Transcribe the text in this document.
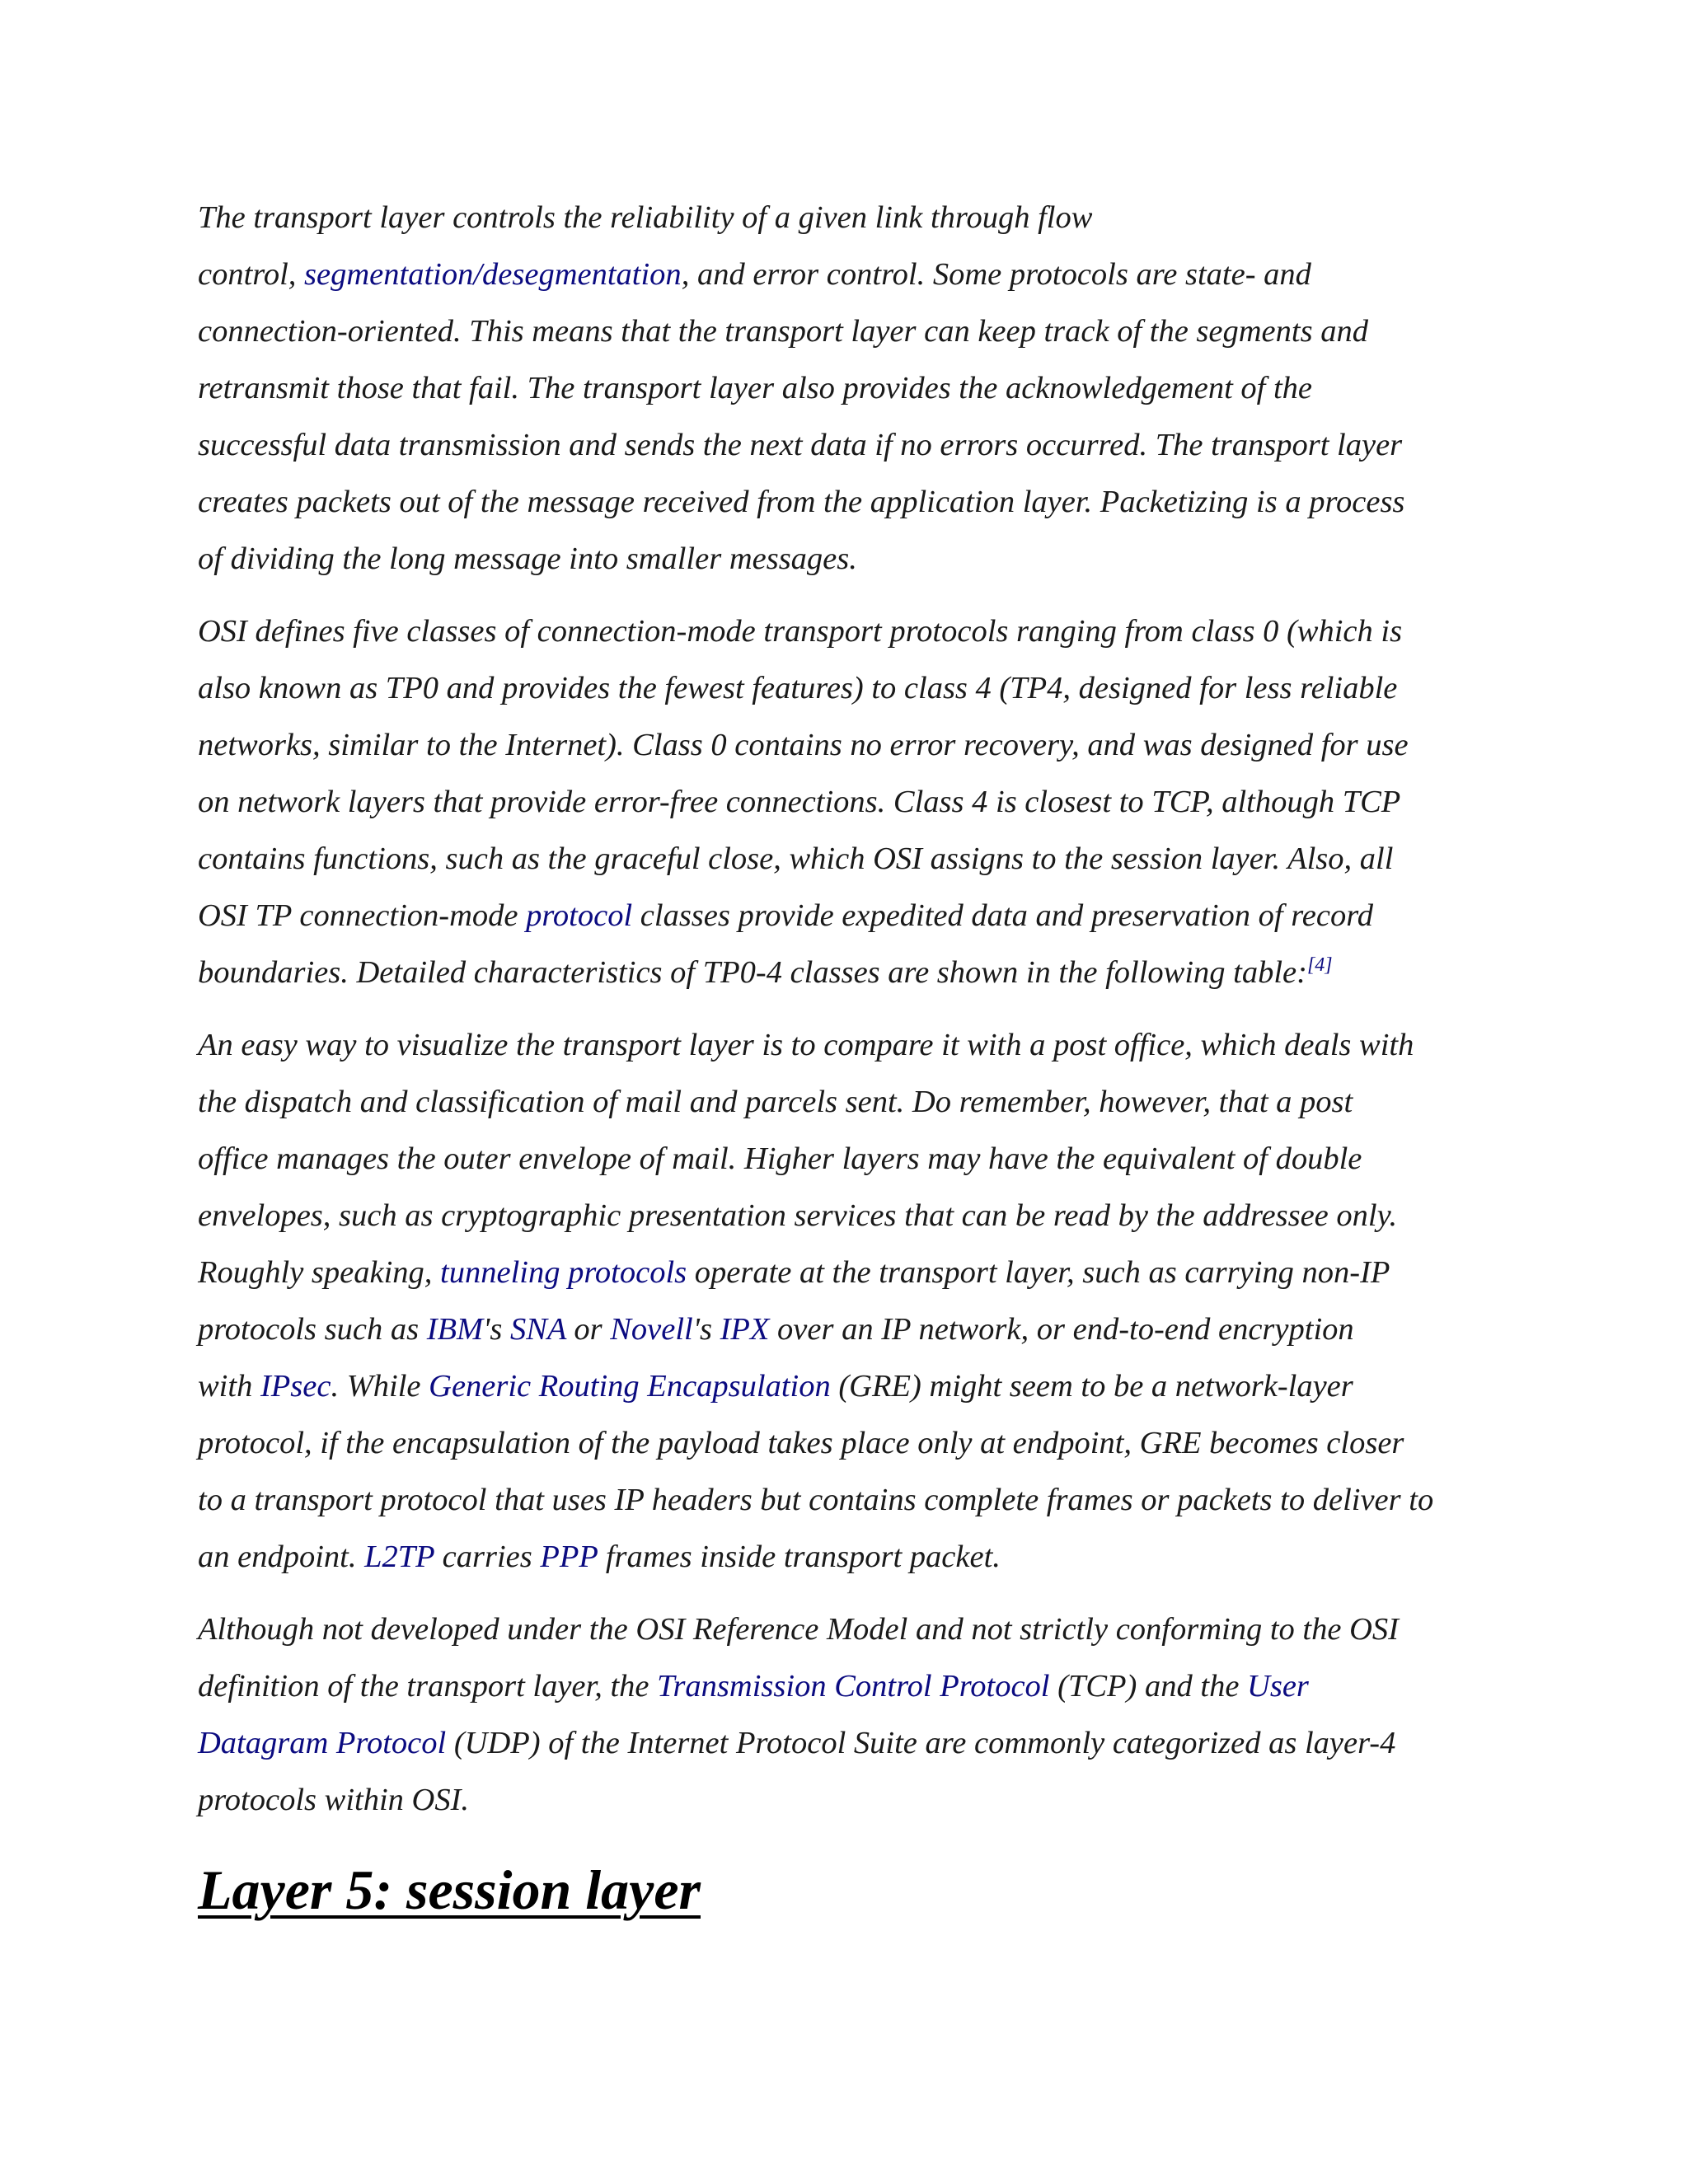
The transport layer controls the reliability of a given link through flow
control, segmentation/desegmentation, and error control. Some protocols are state- and
connection-oriented. This means that the transport layer can keep track of the segments and
retransmit those that fail. The transport layer also provides the acknowledgement of the
successful data transmission and sends the next data if no errors occurred. The transport layer
creates packets out of the message received from the application layer. Packetizing is a process
of dividing the long message into smaller messages.

OSI defines five classes of connection-mode transport protocols ranging from class 0 (which is
also known as TP0 and provides the fewest features) to class 4 (TP4, designed for less reliable
networks, similar to the Internet). Class 0 contains no error recovery, and was designed for use
on network layers that provide error-free connections. Class 4 is closest to TCP, although TCP
contains functions, such as the graceful close, which OSI assigns to the session layer. Also, all
OSI TP connection-mode protocol classes provide expedited data and preservation of record
boundaries. Detailed characteristics of TP0-4 classes are shown in the following table:[4]

An easy way to visualize the transport layer is to compare it with a post office, which deals with
the dispatch and classification of mail and parcels sent. Do remember, however, that a post
office manages the outer envelope of mail. Higher layers may have the equivalent of double
envelopes, such as cryptographic presentation services that can be read by the addressee only.
Roughly speaking, tunneling protocols operate at the transport layer, such as carrying non-IP
protocols such as IBM's SNA or Novell's IPX over an IP network, or end-to-end encryption
with IPsec. While Generic Routing Encapsulation (GRE) might seem to be a network-layer
protocol, if the encapsulation of the payload takes place only at endpoint, GRE becomes closer
to a transport protocol that uses IP headers but contains complete frames or packets to deliver to
an endpoint. L2TP carries PPP frames inside transport packet.

Although not developed under the OSI Reference Model and not strictly conforming to the OSI
definition of the transport layer, the Transmission Control Protocol (TCP) and the User
Datagram Protocol (UDP) of the Internet Protocol Suite are commonly categorized as layer-4
protocols within OSI.

Layer 5: session layer
